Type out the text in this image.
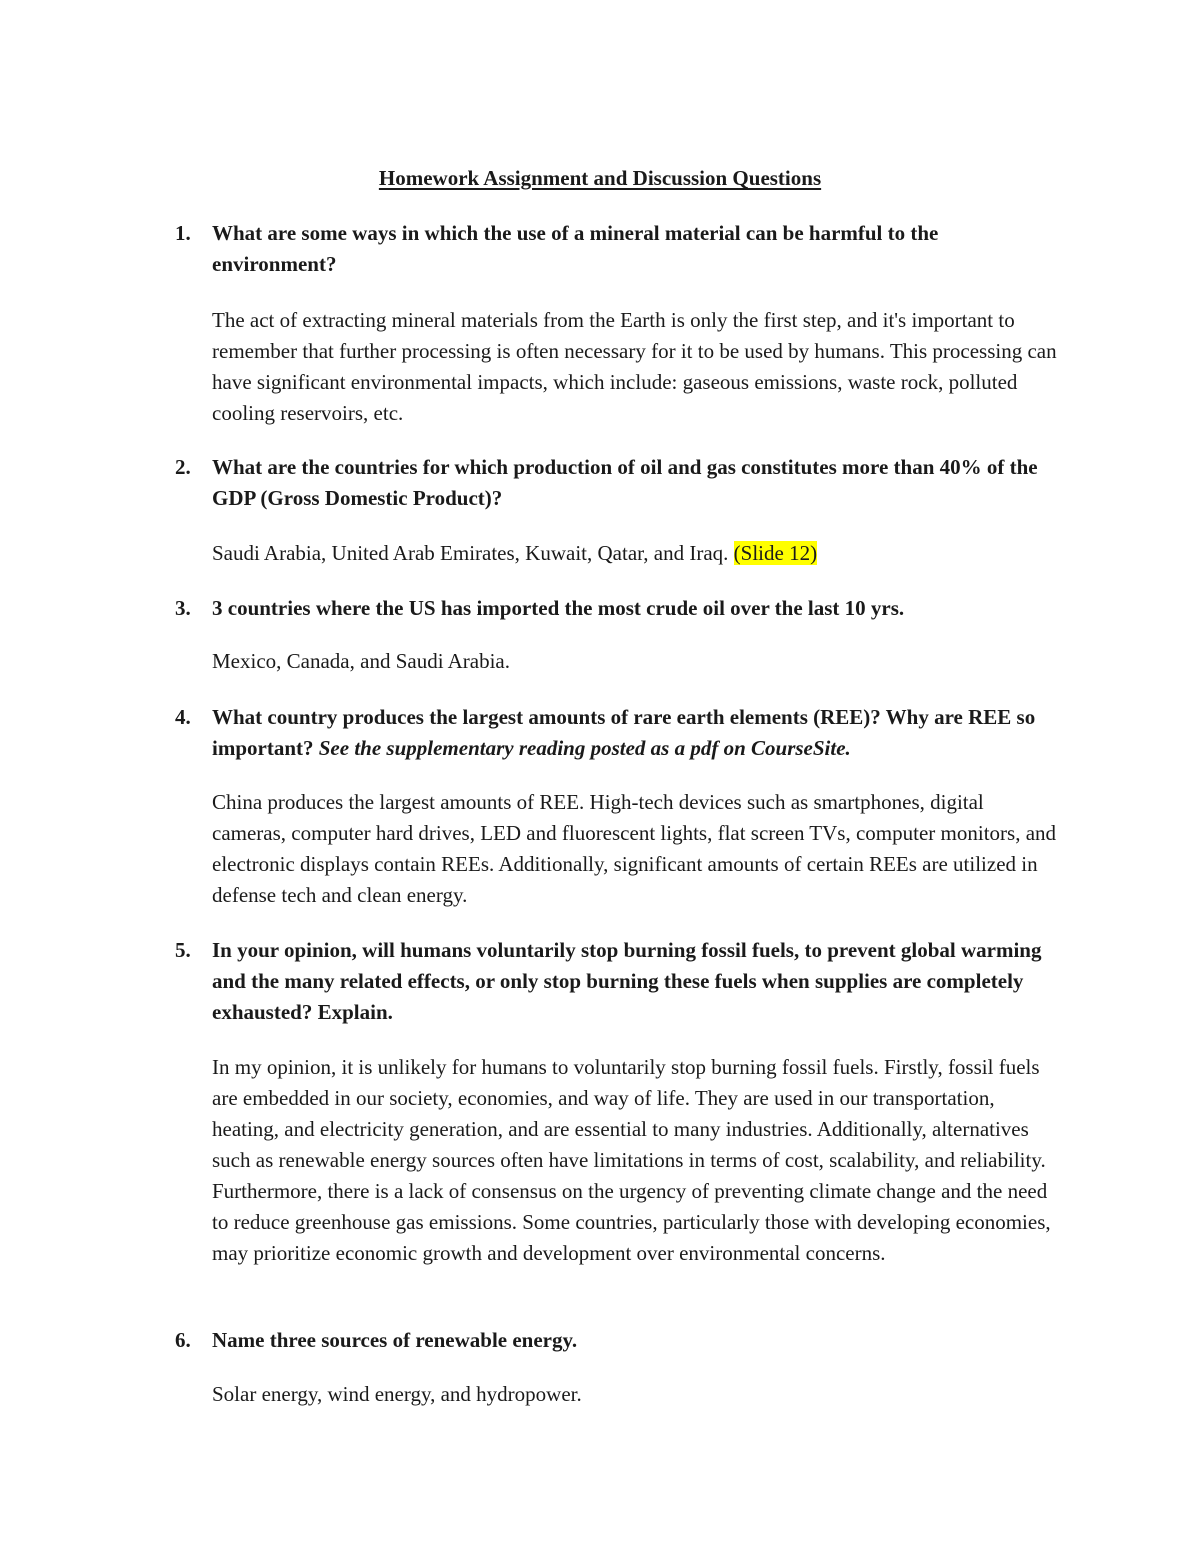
Homework Assignment and Discussion Questions
1. What are some ways in which the use of a mineral material can be harmful to the environment?

The act of extracting mineral materials from the Earth is only the first step, and it's important to remember that further processing is often necessary for it to be used by humans. This processing can have significant environmental impacts, which include: gaseous emissions, waste rock, polluted cooling reservoirs, etc.

2. What are the countries for which production of oil and gas constitutes more than 40% of the GDP (Gross Domestic Product)?

Saudi Arabia, United Arab Emirates, Kuwait, Qatar, and Iraq. (Slide 12)

3. 3 countries where the US has imported the most crude oil over the last 10 yrs.

Mexico, Canada, and Saudi Arabia.

4. What country produces the largest amounts of rare earth elements (REE)? Why are REE so important? See the supplementary reading posted as a pdf on CourseSite.

China produces the largest amounts of REE. High-tech devices such as smartphones, digital cameras, computer hard drives, LED and fluorescent lights, flat screen TVs, computer monitors, and electronic displays contain REEs. Additionally, significant amounts of certain REEs are utilized in defense tech and clean energy.

5. In your opinion, will humans voluntarily stop burning fossil fuels, to prevent global warming and the many related effects, or only stop burning these fuels when supplies are completely exhausted? Explain.

In my opinion, it is unlikely for humans to voluntarily stop burning fossil fuels. Firstly, fossil fuels are embedded in our society, economies, and way of life. They are used in our transportation, heating, and electricity generation, and are essential to many industries. Additionally, alternatives such as renewable energy sources often have limitations in terms of cost, scalability, and reliability. Furthermore, there is a lack of consensus on the urgency of preventing climate change and the need to reduce greenhouse gas emissions. Some countries, particularly those with developing economies, may prioritize economic growth and development over environmental concerns.

6. Name three sources of renewable energy.

Solar energy, wind energy, and hydropower.
